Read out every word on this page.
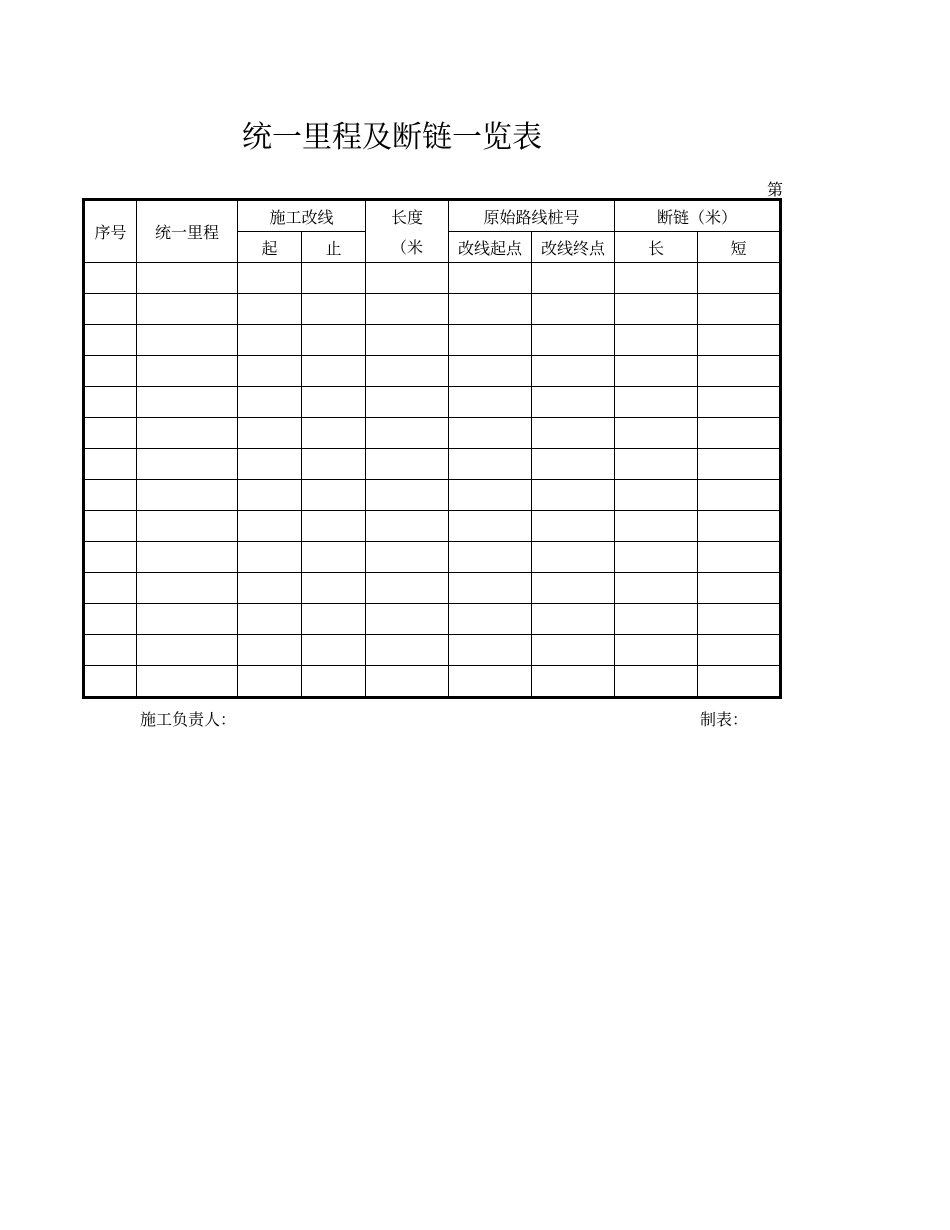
统一里程及断链一览表
第
序号	统一里程	施工改线		长度	原始路线桩号		断链（米）	
		起	止	（米	改线起点	改线终点	长	短

施工负责人：	制表：
